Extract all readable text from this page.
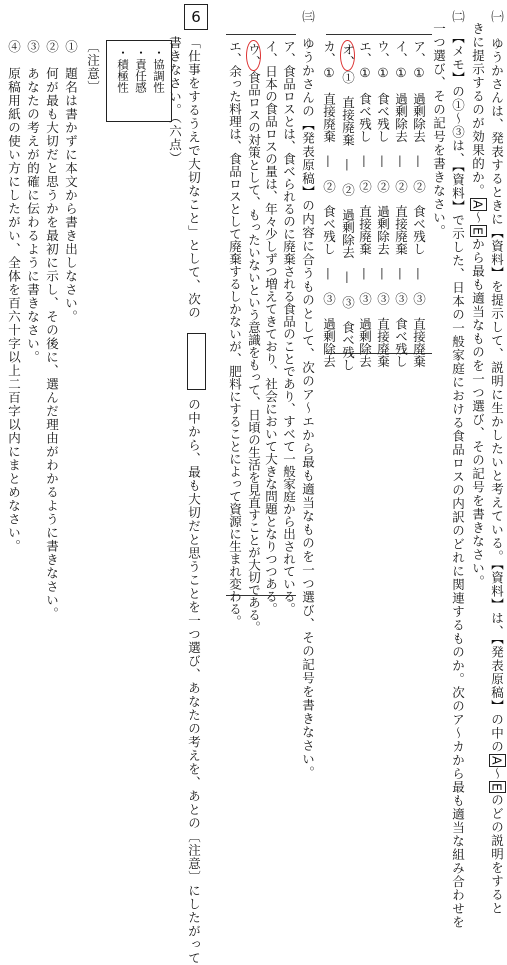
㈠　ゆうかさんは、発表するときに【資料】を提示して、説明に生かしたいと考えている。【資料】は、【発表原稿】の中のA〜Eのどの説明をすると
きに提示するのが効果的か。A〜Eから最も適当なものを一つ選び、その記号を書きなさい。
㈡　【メモ】の①〜③は、【資料】で示した、日本の一般家庭における食品ロスの内訳のどれに関連するものか。次のア〜カから最も適当な組み合わせを
一つ選び、その記号を書きなさい。
ア、①　過剰除去　—　②　食べ残し　—　③　直接廃棄
イ、①　過剰除去　—　②　直接廃棄　—　③　食べ残し
ウ、①　食べ残し　—　②　過剰除去　—　③　直接廃棄
エ、①　食べ残し　—　②　直接廃棄　—　③　過剰除去
オ、①　直接廃棄　—　②　過剰除去　—　③　食べ残し
カ、①　直接廃棄　—　②　食べ残し　—　③　過剰除去
㈢　ゆうかさんの【発表原稿】の内容に合うものとして、次のア〜エから最も適当なものを一つ選び、その記号を書きなさい。
ア、食品ロスとは、食べられるのに廃棄される食品のことであり、すべて一般家庭から出されている。
イ、日本の食品ロスの量は、年々少しずつ増えてきており、社会において大きな問題となりつつある。
ウ、食品ロスの対策として、もったいないという意識をもって、日頃の生活を見直すことが大切である。
エ、余った料理は、食品ロスとして廃棄するしかないが、肥料にすることによって資源に生まれ変わる。
6
「仕事をするうえで大切なこと」として、次の
の中から、最も大切だと思うことを一つ選び、あなたの考えを、あとの〔注意〕にしたがって
書きなさい。（六点）
・協調性
・責任感
・積極性
〔注意〕
①　題名は書かずに本文から書き出しなさい。
②　何が最も大切だと思うかを最初に示し、その後に、選んだ理由がわかるように書きなさい。
③　あなたの考えが的確に伝わるように書きなさい。
④　原稿用紙の使い方にしたがい、全体を百六十字以上二百字以内にまとめなさい。
